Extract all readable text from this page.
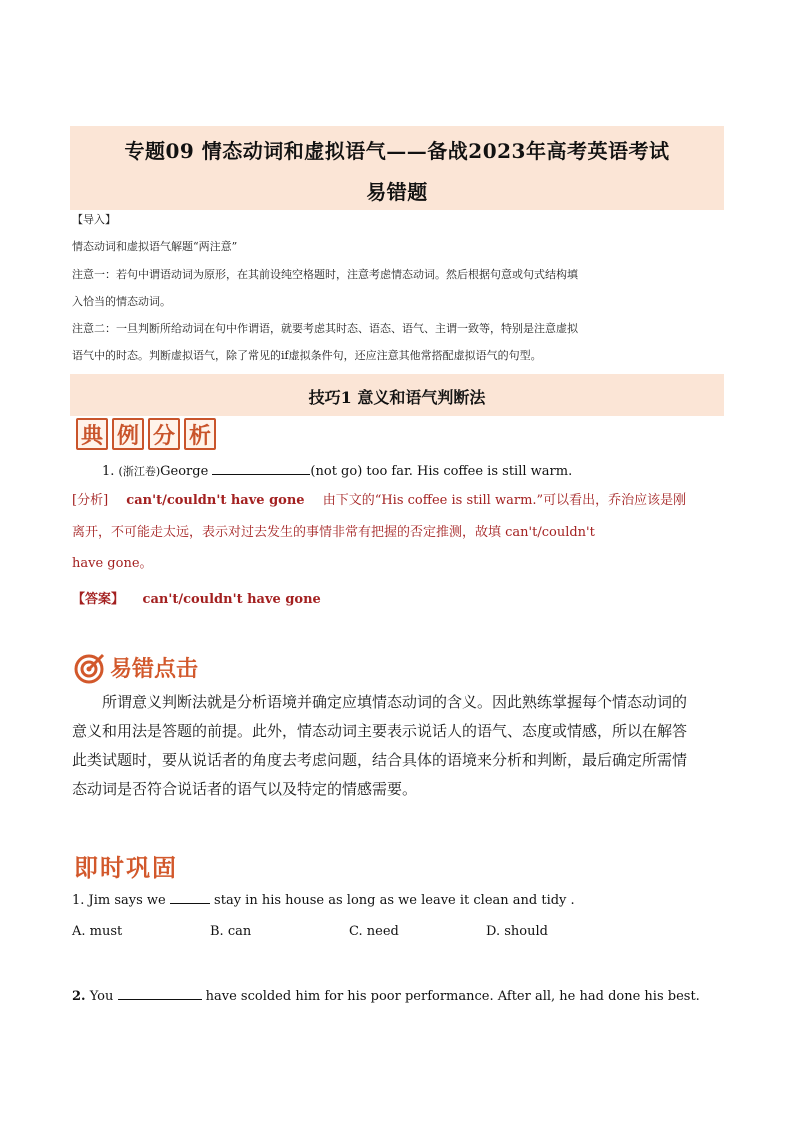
专题09 情态动词和虚拟语气——备战2023年高考英语考试
易错题
【导入】
情态动词和虚拟语气解题“两注意”
注意一：若句中谓语动词为原形，在其前设纯空格题时，注意考虑情态动词。然后根据句意或句式结构填
入恰当的情态动词。
注意二：一旦判断所给动词在句中作谓语，就要考虑其时态、语态、语气、主谓一致等，特别是注意虚拟
语气中的时态。判断虚拟语气，除了常见的if虚拟条件句，还应注意其他常搭配虚拟语气的句型。
技巧1 意义和语气判断法
典 例 分 析
1. (浙江卷)George	(not go) too far. His coffee is still warm.
[分析] can't/couldn't have gone 由下文的“His coffee is still warm.”可以看出，乔治应该是刚
离开，不可能走太远，表示对过去发生的事情非常有把握的否定推测，故填 can't/couldn't
have gone。
【答案】 can't/couldn't have gone
易错点击
所谓意义判断法就是分析语境并确定应填情态动词的含义。因此熟练掌握每个情态动词的
意义和用法是答题的前提。此外，情态动词主要表示说话人的语气、态度或情感，所以在解答
此类试题时，要从说话者的角度去考虑问题，结合具体的语境来分析和判断，最后确定所需情
态动词是否符合说话者的语气以及特定的情感需要。
即时巩固
1. Jim says we	stay in his house as long as we leave it clean and tidy .
A. must	B. can	C. need	D. should
2. You	have scolded him for his poor performance. After all, he had done his best.
